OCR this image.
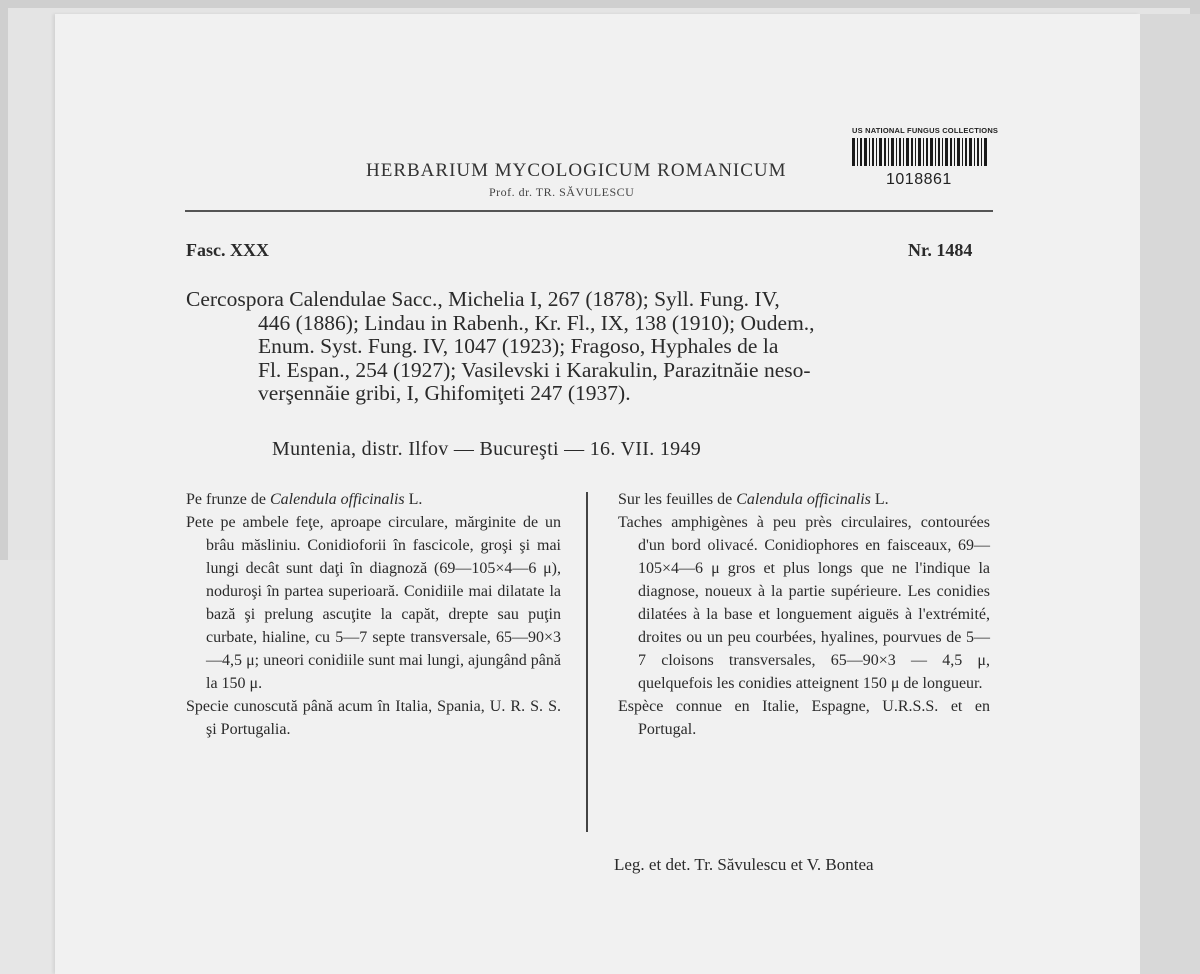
HERBARIUM MYCOLOGICUM ROMANICUM
Prof. dr. TR. SĂVULESCU
US NATIONAL FUNGUS COLLECTIONS
1018861
Fasc. XXX	Nr. 1484
Cercospora Calendulae Sacc., Michelia I, 267 (1878); Syll. Fung. IV,
446 (1886); Lindau in Rabenh., Kr. Fl., IX, 138 (1910); Oudem.,
Enum. Syst. Fung. IV, 1047 (1923); Fragoso, Hyphales de la
Fl. Espan., 254 (1927); Vasilevski i Karakulin, Parazitnăie neso-
verşennăie gribi, I, Ghifomiţeti 247 (1937).
Muntenia, distr. Ilfov — Bucureşti — 16. VII. 1949

Pe frunze de Calendula officinalis L.

Pete pe ambele feţe, aproape circulare, mărginite de un brâu măsliniu. Conidioforii în fascicole, groşi şi mai lungi decât sunt daţi în diagnoză (69—105×4—6 μ), noduroşi în partea superioară. Conidiile mai dilatate la bază şi prelung ascuţite la capăt, drepte sau puţin curbate, hialine, cu 5—7 septe transversale, 65—90×3—4,5 μ; uneori conidiile sunt mai lungi, ajungând până la 150 μ.

Specie cunoscută până acum în Italia, Spania, U. R. S. S. şi Portugalia.

Sur les feuilles de Calendula officinalis L.

Taches amphigènes à peu près circulaires, contourées d'un bord olivacé. Conidiophores en faisceaux, 69—105×4—6 μ gros et plus longs que ne l'indique la diagnose, noueux à la partie supérieure. Les conidies dilatées à la base et longuement aiguës à l'extrémité, droites ou un peu courbées, hyalines, pourvues de 5—7 cloisons transversales, 65—90×3 — 4,5 μ, quelquefois les conidies atteignent 150 μ de longueur.

Espèce connue en Italie, Espagne, U.R.S.S. et en Portugal.

Leg. et det. Tr. Săvulescu et V. Bontea
